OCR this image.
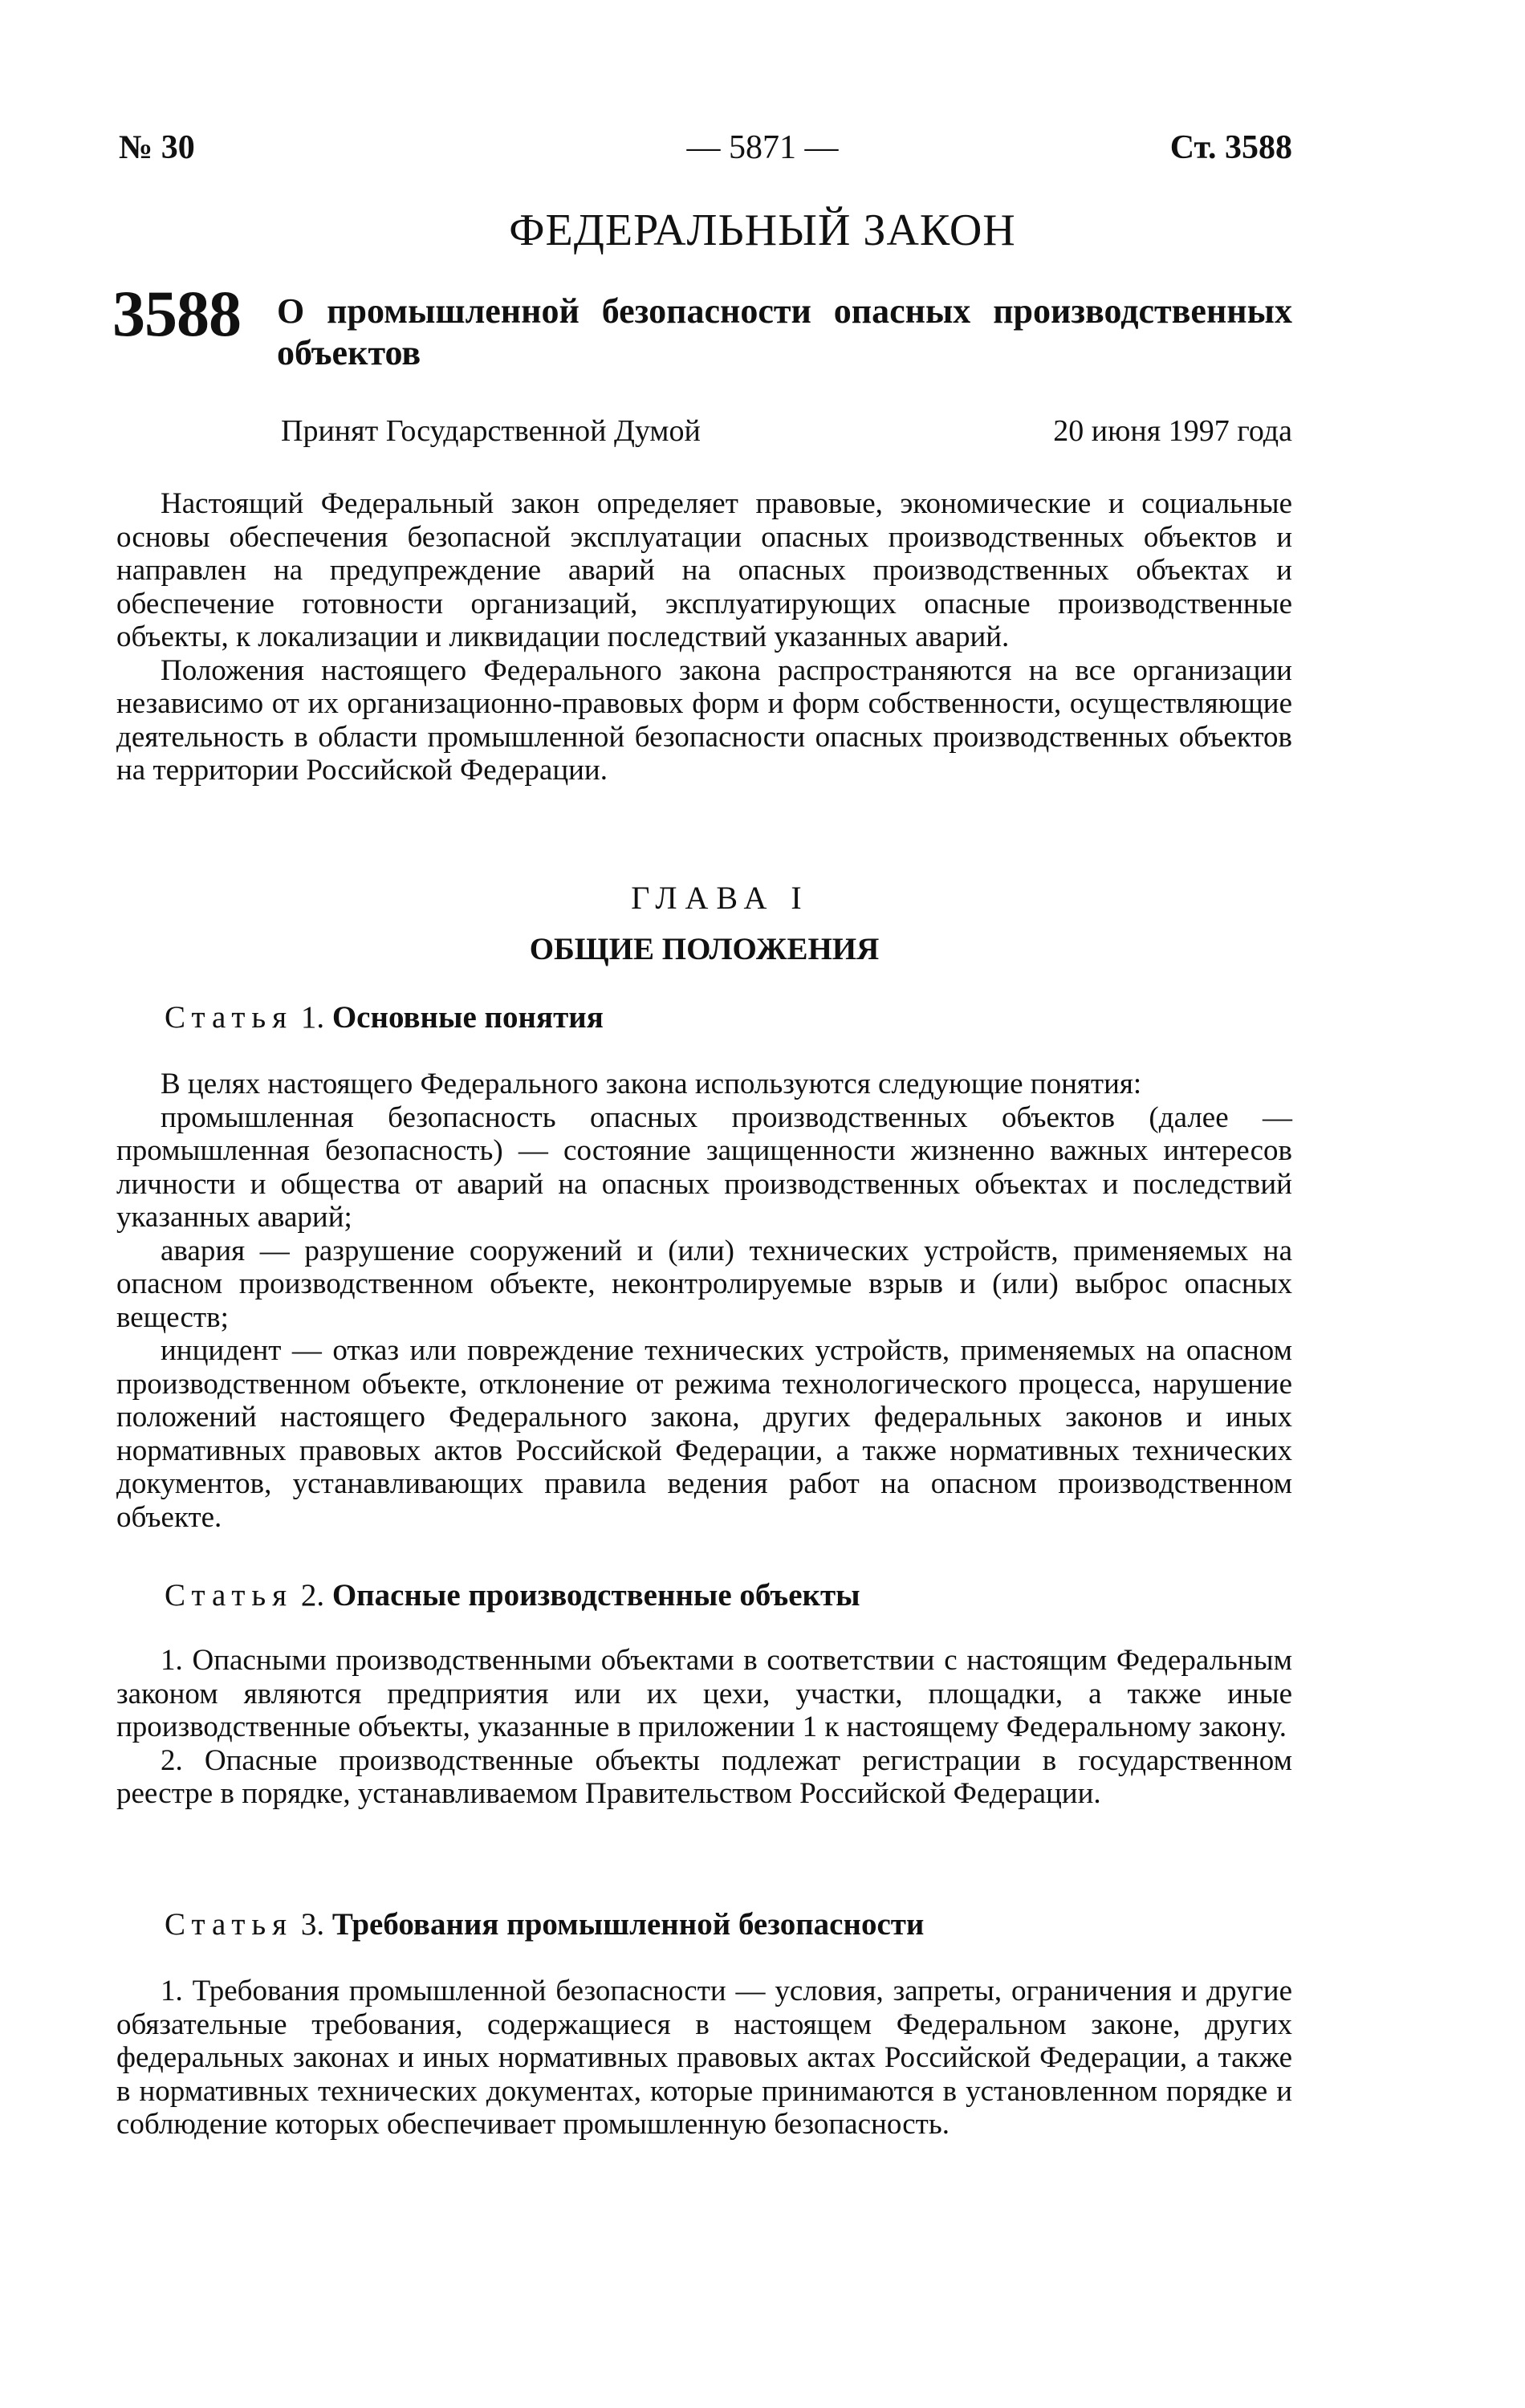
№ 30	— 5871 —	Ст. 3588
ФЕДЕРАЛЬНЫЙ ЗАКОН
3588 О промышленной безопасности опасных производственных объектов
Принят Государственной Думой	20 июня 1997 года

Настоящий Федеральный закон определяет правовые, экономические и социальные основы обеспечения безопасной эксплуатации опасных производственных объектов и направлен на предупреждение аварий на опасных производственных объектах и обеспечение готовности организаций, эксплуатирующих опасные производственные объекты, к локализации и ликвидации последствий указанных аварий.

Положения настоящего Федерального закона распространяются на все организации независимо от их организационно-правовых форм и форм собственности, осуществляющие деятельность в области промышленной безопасности опасных производственных объектов на территории Российской Федерации.

ГЛАВА I

ОБЩИЕ ПОЛОЖЕНИЯ

Статья 1. Основные понятия

В целях настоящего Федерального закона используются следующие понятия:

промышленная безопасность опасных производственных объектов (далее — промышленная безопасность) — состояние защищенности жизненно важных интересов личности и общества от аварий на опасных производственных объектах и последствий указанных аварий;

авария — разрушение сооружений и (или) технических устройств, применяемых на опасном производственном объекте, неконтролируемые взрыв и (или) выброс опасных веществ;

инцидент — отказ или повреждение технических устройств, применяемых на опасном производственном объекте, отклонение от режима технологического процесса, нарушение положений настоящего Федерального закона, других федеральных законов и иных нормативных правовых актов Российской Федерации, а также нормативных технических документов, устанавливающих правила ведения работ на опасном производственном объекте.

Статья 2. Опасные производственные объекты

1. Опасными производственными объектами в соответствии с настоящим Федеральным законом являются предприятия или их цехи, участки, площадки, а также иные производственные объекты, указанные в приложении 1 к настоящему Федеральному закону.

2. Опасные производственные объекты подлежат регистрации в государственном реестре в порядке, устанавливаемом Правительством Российской Федерации.

Статья 3. Требования промышленной безопасности

1. Требования промышленной безопасности — условия, запреты, ограничения и другие обязательные требования, содержащиеся в настоящем Федеральном законе, других федеральных законах и иных нормативных правовых актах Российской Федерации, а также в нормативных технических документах, которые принимаются в установленном порядке и соблюдение которых обеспечивает промышленную безопасность.
